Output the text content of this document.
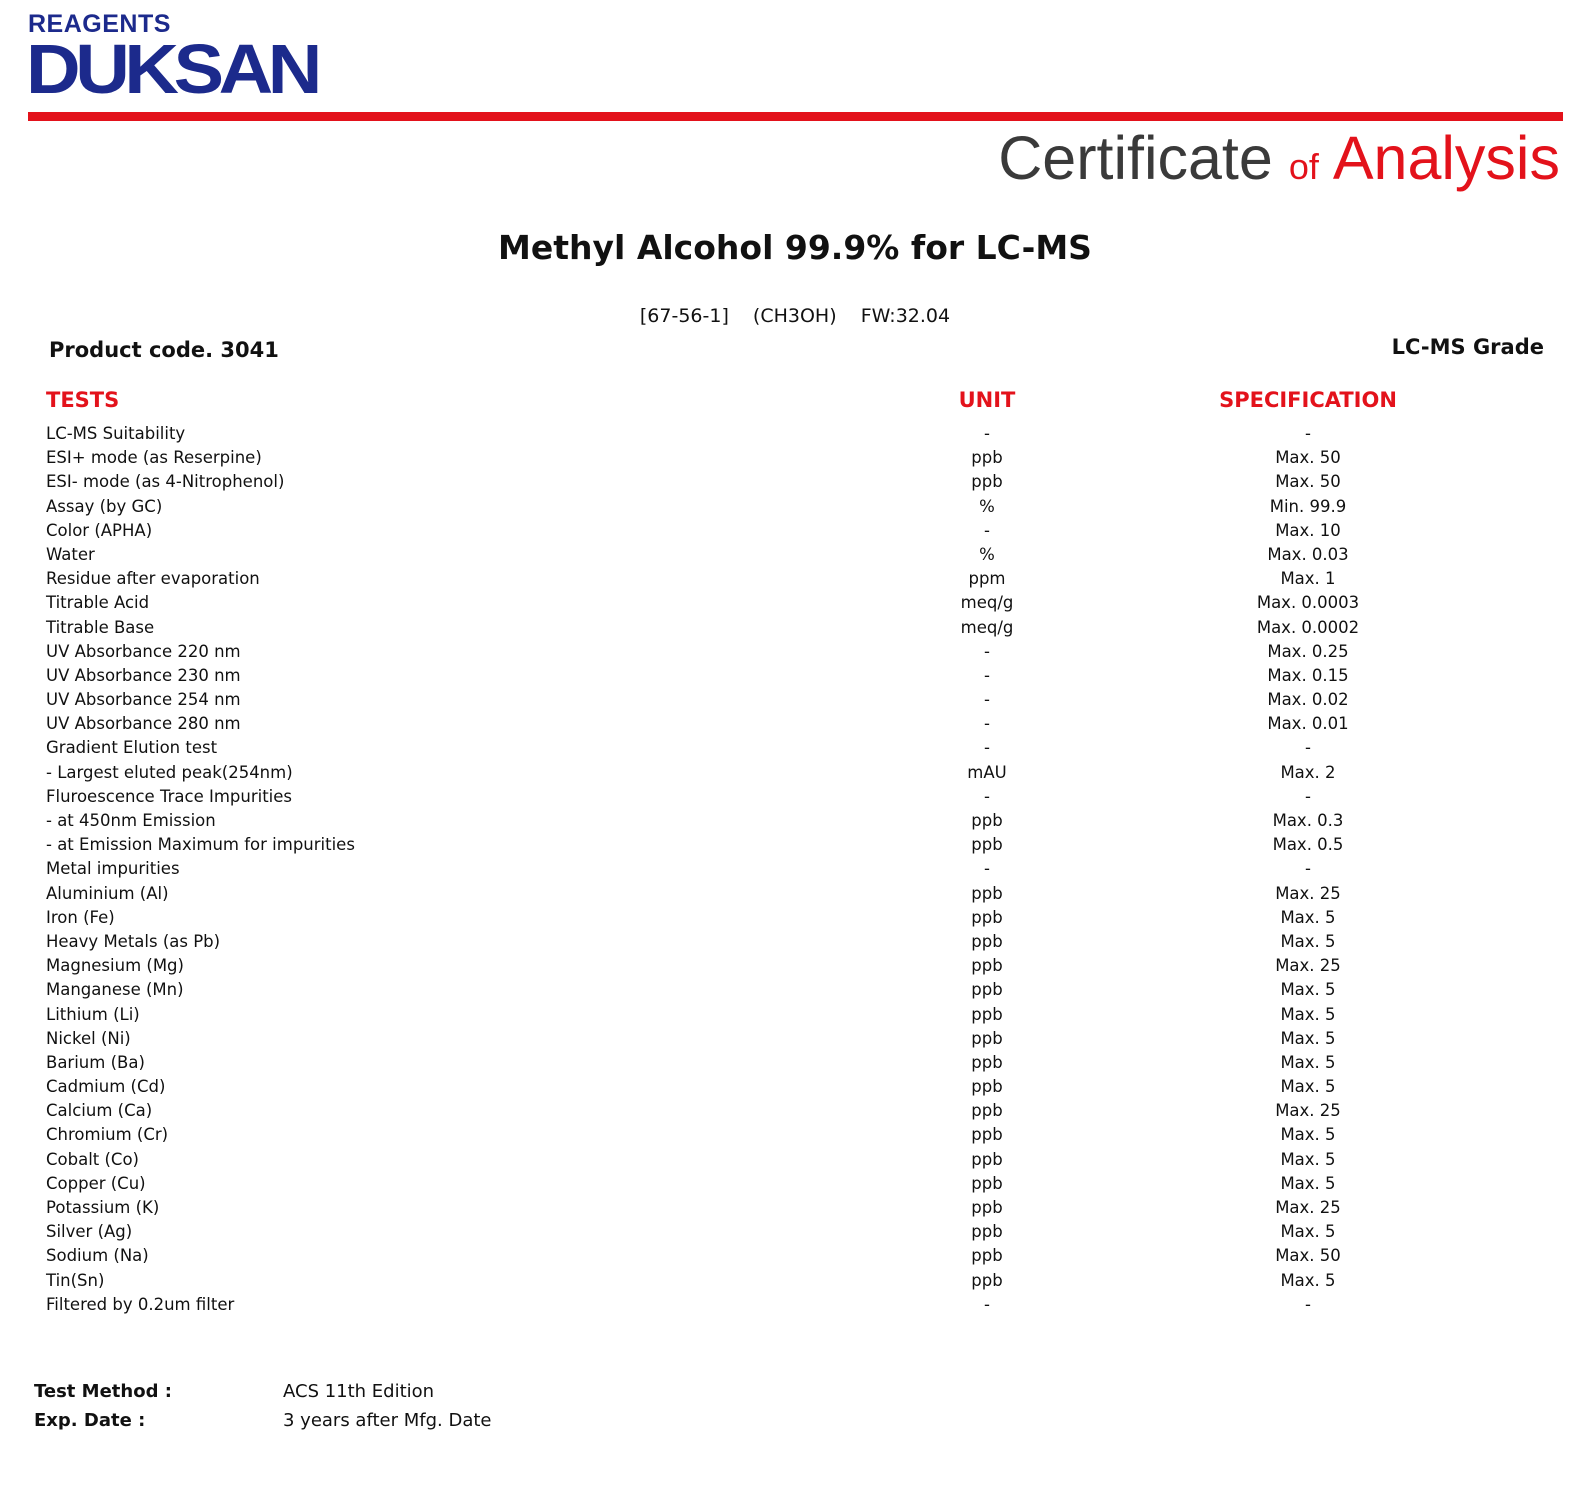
REAGENTS
DUKSAN
Certificate of Analysis
Methyl Alcohol 99.9% for LC-MS
[67-56-1] (CH3OH) FW:32.04
Product code. 3041	LC-MS Grade
TESTS	UNIT	SPECIFICATION
LC-MS Suitability	-	-
ESI+ mode (as Reserpine)	ppb	Max. 50
ESI- mode (as 4-Nitrophenol)	ppb	Max. 50
Assay (by GC)	%	Min. 99.9
Color (APHA)	-	Max. 10
Water	%	Max. 0.03
Residue after evaporation	ppm	Max. 1
Titrable Acid	meq/g	Max. 0.0003
Titrable Base	meq/g	Max. 0.0002
UV Absorbance 220 nm	-	Max. 0.25
UV Absorbance 230 nm	-	Max. 0.15
UV Absorbance 254 nm	-	Max. 0.02
UV Absorbance 280 nm	-	Max. 0.01
Gradient Elution test	-	-
- Largest eluted peak(254nm)	mAU	Max. 2
Fluroescence Trace Impurities	-	-
- at 450nm Emission	ppb	Max. 0.3
- at Emission Maximum for impurities	ppb	Max. 0.5
Metal impurities	-	-
Aluminium (Al)	ppb	Max. 25
Iron (Fe)	ppb	Max. 5
Heavy Metals (as Pb)	ppb	Max. 5
Magnesium (Mg)	ppb	Max. 25
Manganese (Mn)	ppb	Max. 5
Lithium (Li)	ppb	Max. 5
Nickel (Ni)	ppb	Max. 5
Barium (Ba)	ppb	Max. 5
Cadmium (Cd)	ppb	Max. 5
Calcium (Ca)	ppb	Max. 25
Chromium (Cr)	ppb	Max. 5
Cobalt (Co)	ppb	Max. 5
Copper (Cu)	ppb	Max. 5
Potassium (K)	ppb	Max. 25
Silver (Ag)	ppb	Max. 5
Sodium (Na)	ppb	Max. 50
Tin(Sn)	ppb	Max. 5
Filtered by 0.2um filter	-	-
Test Method :	ACS 11th Edition
Exp. Date :	3 years after Mfg. Date
